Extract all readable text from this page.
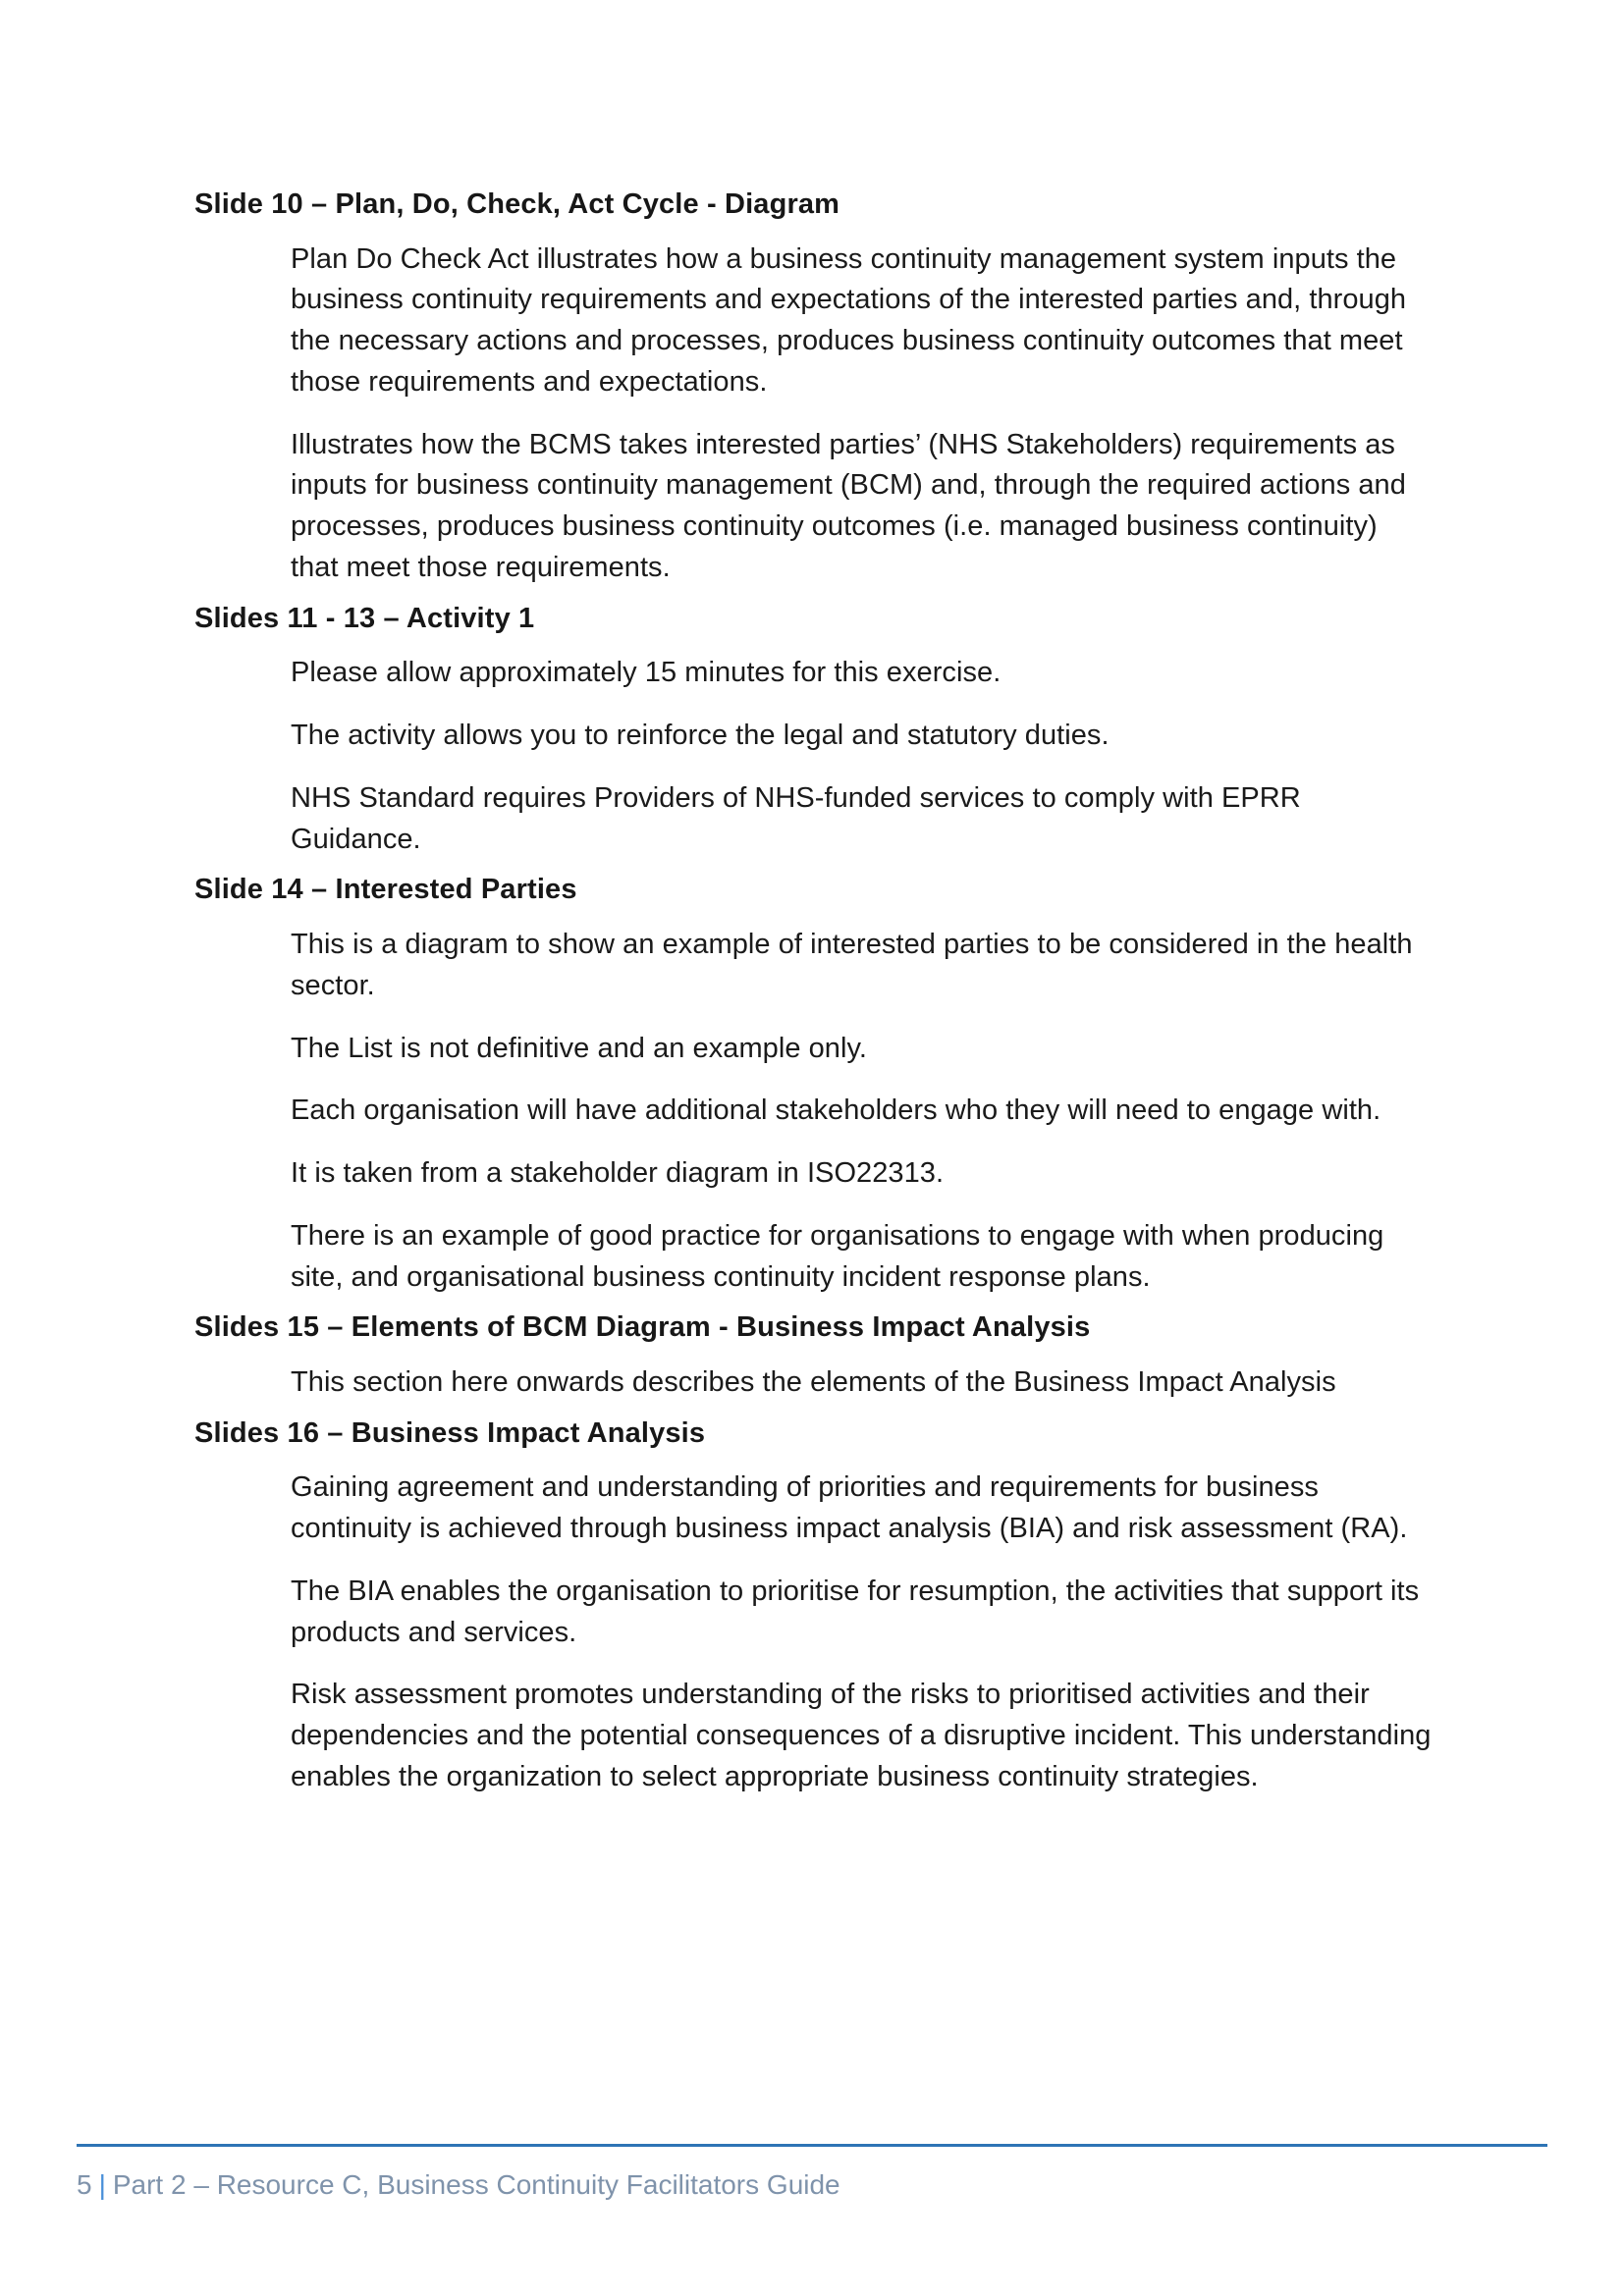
Slide 10 – Plan, Do, Check, Act Cycle - Diagram

Plan Do Check Act illustrates how a business continuity management system inputs the business continuity requirements and expectations of the interested parties and, through the necessary actions and processes, produces business continuity outcomes that meet those requirements and expectations.

Illustrates how the BCMS takes interested parties’ (NHS Stakeholders) requirements as inputs for business continuity management (BCM) and, through the required actions and processes, produces business continuity outcomes (i.e. managed business continuity) that meet those requirements.

Slides 11 - 13 – Activity 1

Please allow approximately 15 minutes for this exercise.

The activity allows you to reinforce the legal and statutory duties.

NHS Standard requires Providers of NHS-funded services to comply with EPRR Guidance.

Slide 14 – Interested Parties

This is a diagram to show an example of interested parties to be considered in the health sector.

The List is not definitive and an example only.

Each organisation will have additional stakeholders who they will need to engage with.

It is taken from a stakeholder diagram in ISO22313.

There is an example of good practice for organisations to engage with when producing site, and organisational business continuity incident response plans.

Slides 15 – Elements of BCM Diagram - Business Impact Analysis

This section here onwards describes the elements of the Business Impact Analysis

Slides 16 – Business Impact Analysis

Gaining agreement and understanding of priorities and requirements for business continuity is achieved through business impact analysis (BIA) and risk assessment (RA).

The BIA enables the organisation to prioritise for resumption, the activities that support its products and services.

Risk assessment promotes understanding of the risks to prioritised activities and their dependencies and the potential consequences of a disruptive incident. This understanding enables the organization to select appropriate business continuity strategies.

5 | Part 2 – Resource C, Business Continuity Facilitators Guide
